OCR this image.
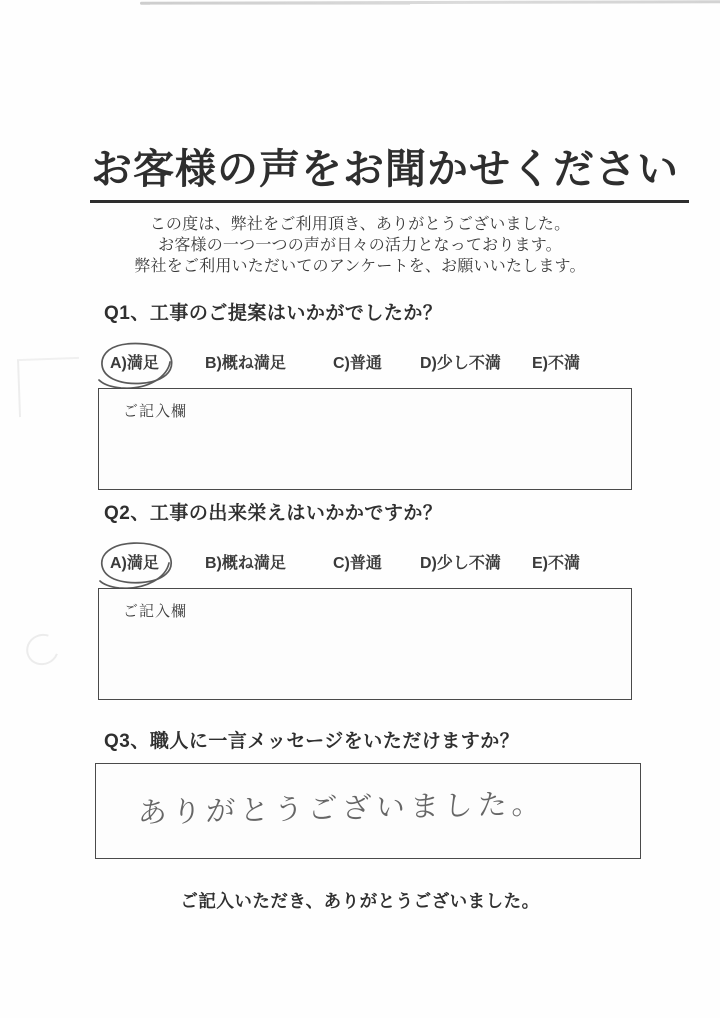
お客様の声をお聞かせください

この度は、弊社をご利用頂き、ありがとうございました。

お客様の一つ一つの声が日々の活力となっております。

弊社をご利用いただいてのアンケートを、お願いいたします。

Q1、工事のご提案はいかがでしたか？
A)満足	B)概ね満足	C)普通 D)少し不満 E)不満
ご記入欄
Q2、工事の出来栄えはいかかですか？
A)満足	B)概ね満足	C)普通 D)少し不満 E)不満
ご記入欄
Q3、職人に一言メッセージをいただけますか？
ありがとうございました。
ご記入いただき、ありがとうございました。
